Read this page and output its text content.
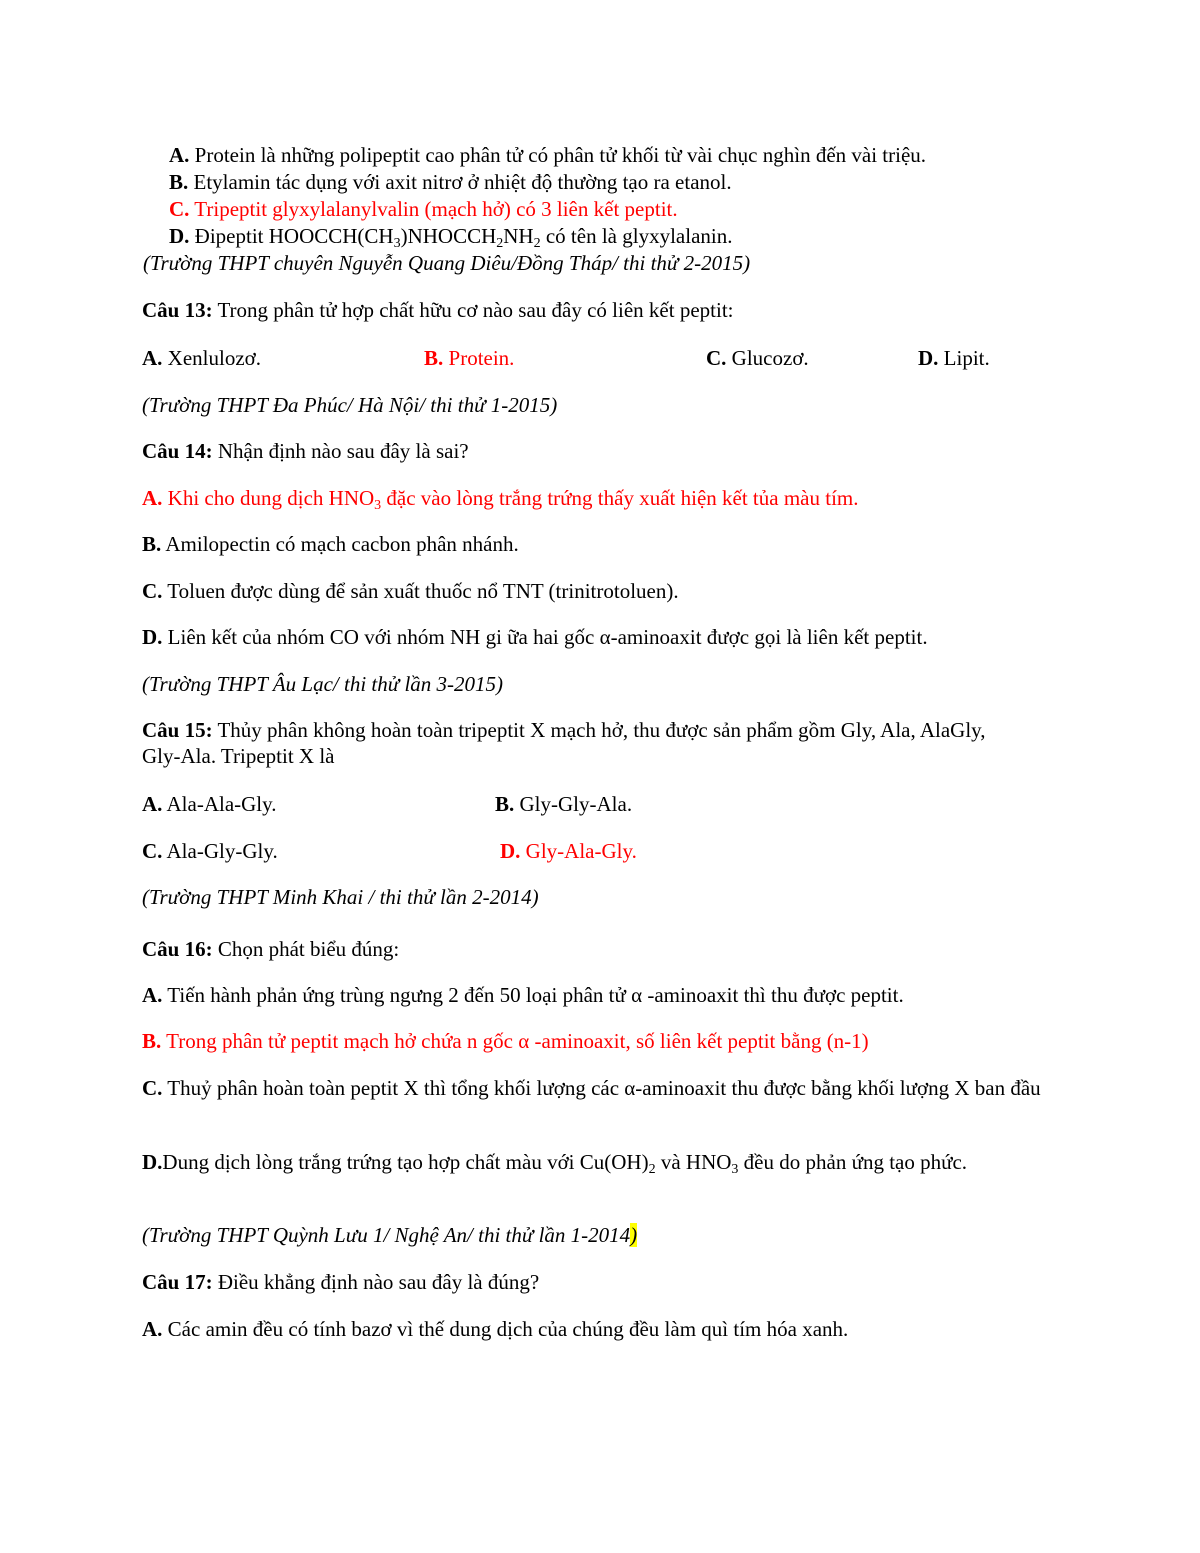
A. Protein là những polipeptit cao phân tử có phân tử khối từ vài chục nghìn đến vài triệu.
B. Etylamin tác dụng với axit nitrơ ở nhiệt độ thường tạo ra etanol.
C. Tripeptit glyxylalanylvalin (mạch hở) có 3 liên kết peptit.
D. Đipeptit $HOOCCH(CH_3)NHOCCH_2NH_2$ có tên là glyxylalanin.
(Trường THPT chuyên Nguyễn Quang Diêu/Đồng Tháp/ thi thử 2-2015)
Câu 13: Trong phân tử hợp chất hữu cơ nào sau đây có liên kết peptit:
A. Xenlulozơ.	B. Protein.	C. Glucozơ.	D. Lipit.
(Trường THPT Đa Phúc/ Hà Nội/ thi thử 1-2015)
Câu 14: Nhận định nào sau đây là sai?
A. Khi cho dung dịch $HNO_3$ đặc vào lòng trắng trứng thấy xuất hiện kết tủa màu tím.
B. Amilopectin có mạch cacbon phân nhánh.
C. Toluen được dùng để sản xuất thuốc nổ TNT (trinitrotoluen).
D. Liên kết của nhóm CO với nhóm NH gi ữa hai gốc α-aminoaxit được gọi là liên kết peptit.
(Trường THPT Âu Lạc/ thi thử lần 3-2015)
Câu 15: Thủy phân không hoàn toàn tripeptit X mạch hở, thu được sản phẩm gồm Gly, Ala, AlaGly, Gly-Ala. Tripeptit X là
A. Ala-Ala-Gly.	B. Gly-Gly-Ala.
C. Ala-Gly-Gly.	D. Gly-Ala-Gly.
(Trường THPT Minh Khai / thi thử lần 2-2014)
Câu 16: Chọn phát biểu đúng:
A. Tiến hành phản ứng trùng ngưng 2 đến 50 loại phân tử α -aminoaxit thì thu được peptit.
B. Trong phân tử peptit mạch hở chứa n gốc α -aminoaxit, số liên kết peptit bằng (n-1)
C. Thuỷ phân hoàn toàn peptit X thì tổng khối lượng các α-aminoaxit thu được bằng khối lượng X ban đầu
D.Dung dịch lòng trắng trứng tạo hợp chất màu với $Cu(OH)_2$ và $HNO_3$ đều do phản ứng tạo phức.
(Trường THPT Quỳnh Lưu 1/ Nghệ An/ thi thử lần 1-2014)
Câu 17: Điều khẳng định nào sau đây là đúng?
A. Các amin đều có tính bazơ vì thế dung dịch của chúng đều làm quì tím hóa xanh.
